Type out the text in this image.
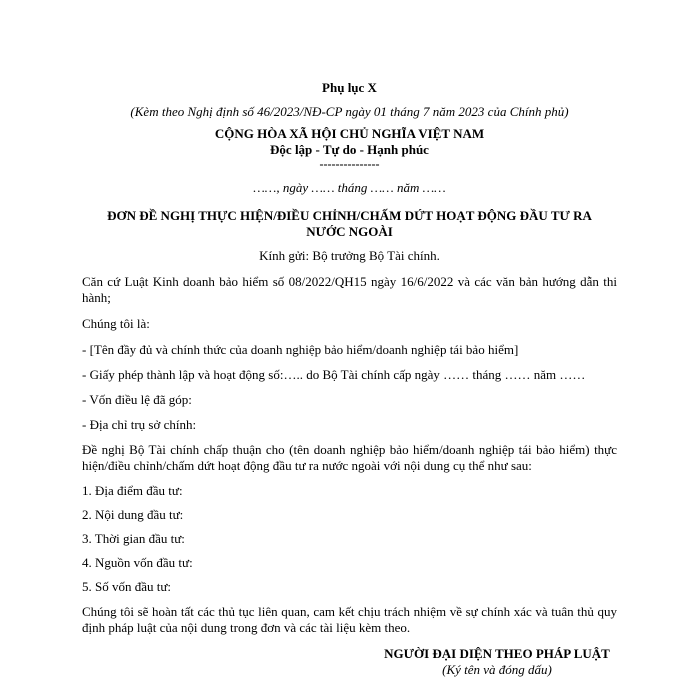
Phụ lục X
(Kèm theo Nghị định số 46/2023/NĐ-CP ngày 01 tháng 7 năm 2023 của Chính phủ)
CỘNG HÒA XÃ HỘI CHỦ NGHĨA VIỆT NAM
Độc lập - Tự do - Hạnh phúc
---------------
……, ngày …… tháng …… năm ……
ĐƠN ĐỀ NGHỊ THỰC HIỆN/ĐIỀU CHỈNH/CHẤM DỨT HOẠT ĐỘNG ĐẦU TƯ RA
NƯỚC NGOÀI
Kính gửi: Bộ trưởng Bộ Tài chính.
Căn cứ Luật Kinh doanh bảo hiểm số 08/2022/QH15 ngày 16/6/2022 và các văn bản hướng dẫn thi hành;
Chúng tôi là:
- [Tên đầy đủ và chính thức của doanh nghiệp bảo hiểm/doanh nghiệp tái bảo hiểm]
- Giấy phép thành lập và hoạt động số:….. do Bộ Tài chính cấp ngày …… tháng …… năm ……
- Vốn điều lệ đã góp:
- Địa chỉ trụ sở chính:
Đề nghị Bộ Tài chính chấp thuận cho (tên doanh nghiệp bảo hiểm/doanh nghiệp tái bảo hiểm) thực hiện/điều chỉnh/chấm dứt hoạt động đầu tư ra nước ngoài với nội dung cụ thể như sau:
1. Địa điểm đầu tư:
2. Nội dung đầu tư:
3. Thời gian đầu tư:
4. Nguồn vốn đầu tư:
5. Số vốn đầu tư:
Chúng tôi sẽ hoàn tất các thủ tục liên quan, cam kết chịu trách nhiệm về sự chính xác và tuân thủ quy định pháp luật của nội dung trong đơn và các tài liệu kèm theo.
NGƯỜI ĐẠI DIỆN THEO PHÁP LUẬT
(Ký tên và đóng dấu)
